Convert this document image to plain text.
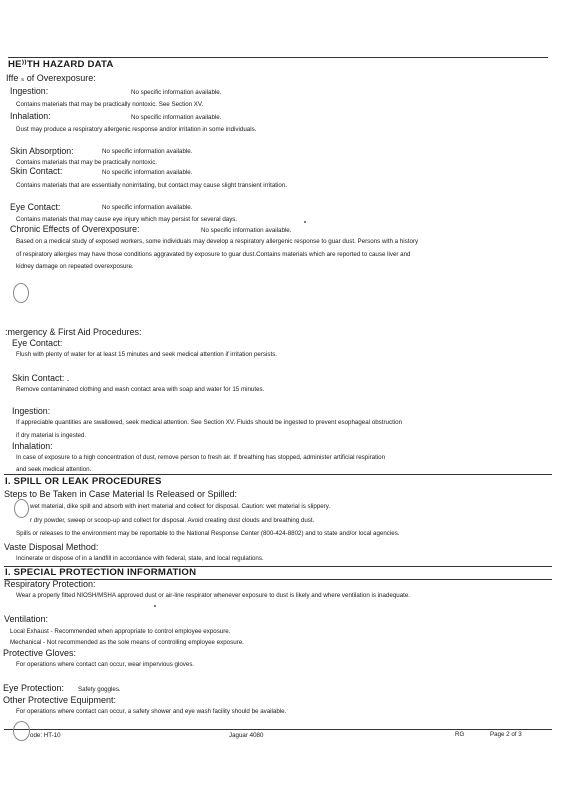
HE⁾⁾TH HAZARD DATA
Iffe ₛ of Overexposure:
Ingestion:	No specific information available.
Contains materials that may be practically nontoxic. See Section XV.
Inhalation:	No specific information available.
Dust may produce a respiratory allergenic response and/or irritation in some individuals.
Skin Absorption:	No specific information available.
Contains materials that may be practically nontoxic.
Skin Contact:	No specific information available.
Contains materials that are essentially nonirritating, but contact may cause slight transient irritation.
Eye Contact:	No specific information available.
Contains materials that may cause eye injury which may persist for several days.
Chronic Effects of Overexposure:	No specific information available.
Based on a medical study of exposed workers, some individuals may develop a respiratory allergenic response to guar dust. Persons with a history
of respiratory allergies may have those conditions aggravated by exposure to guar dust.Contains materials which are reported to cause liver and
kidney damage on repeated overexposure.
:mergency & First Aid Procedures:
Eye Contact:
Flush with plenty of water for at least 15 minutes and seek medical attention if irritation persists.
Skin Contact: .
Remove contaminated clothing and wash contact area with soap and water for 15 minutes.
Ingestion:
If appreciable quantities are swallowed, seek medical attention. See Section XV. Fluids should be ingested to prevent esophageal obstruction
if dry material is ingested.
Inhalation:
In case of exposure to a high concentration of dust, remove person to fresh air. If breathing has stopped, administer artificial respiration
and seek medical attention.
I. SPILL OR LEAK PROCEDURES
Steps to Be Taken in Case Material Is Released or Spilled:
wet material, dike spill and absorb with inert material and collect for disposal. Caution: wet material is slippery.
r dry powder, sweep or scoop-up and collect for disposal. Avoid creating dust clouds and breathing dust.
Spills or releases to the environment may be reportable to the National Response Center (800-424-8802) and to state and/or local agencies.
Vaste Disposal Method:
Incinerate or dispose of in a landfill in accordance with federal, state, and local regulations.
I. SPECIAL PROTECTION INFORMATION
Respiratory Protection:
Wear a properly fitted NIOSH/MSHA approved dust or air-line respirator whenever exposure to dust is likely and where ventilation is inadequate.
Ventilation:
Local Exhaust - Recommended when appropriate to control employee exposure.
Mechanical - Not recommended as the sole means of controlling employee exposure.
Protective Gloves:
For operations where contact can occur, wear impervious gloves.
Eye Protection: Safety goggles.
Other Protective Equipment:
For operations where contact can occur, a safety shower and eye wash facility should be available.
ode: HT-10	Jaguar 4080	RG	Page 2 of 3
